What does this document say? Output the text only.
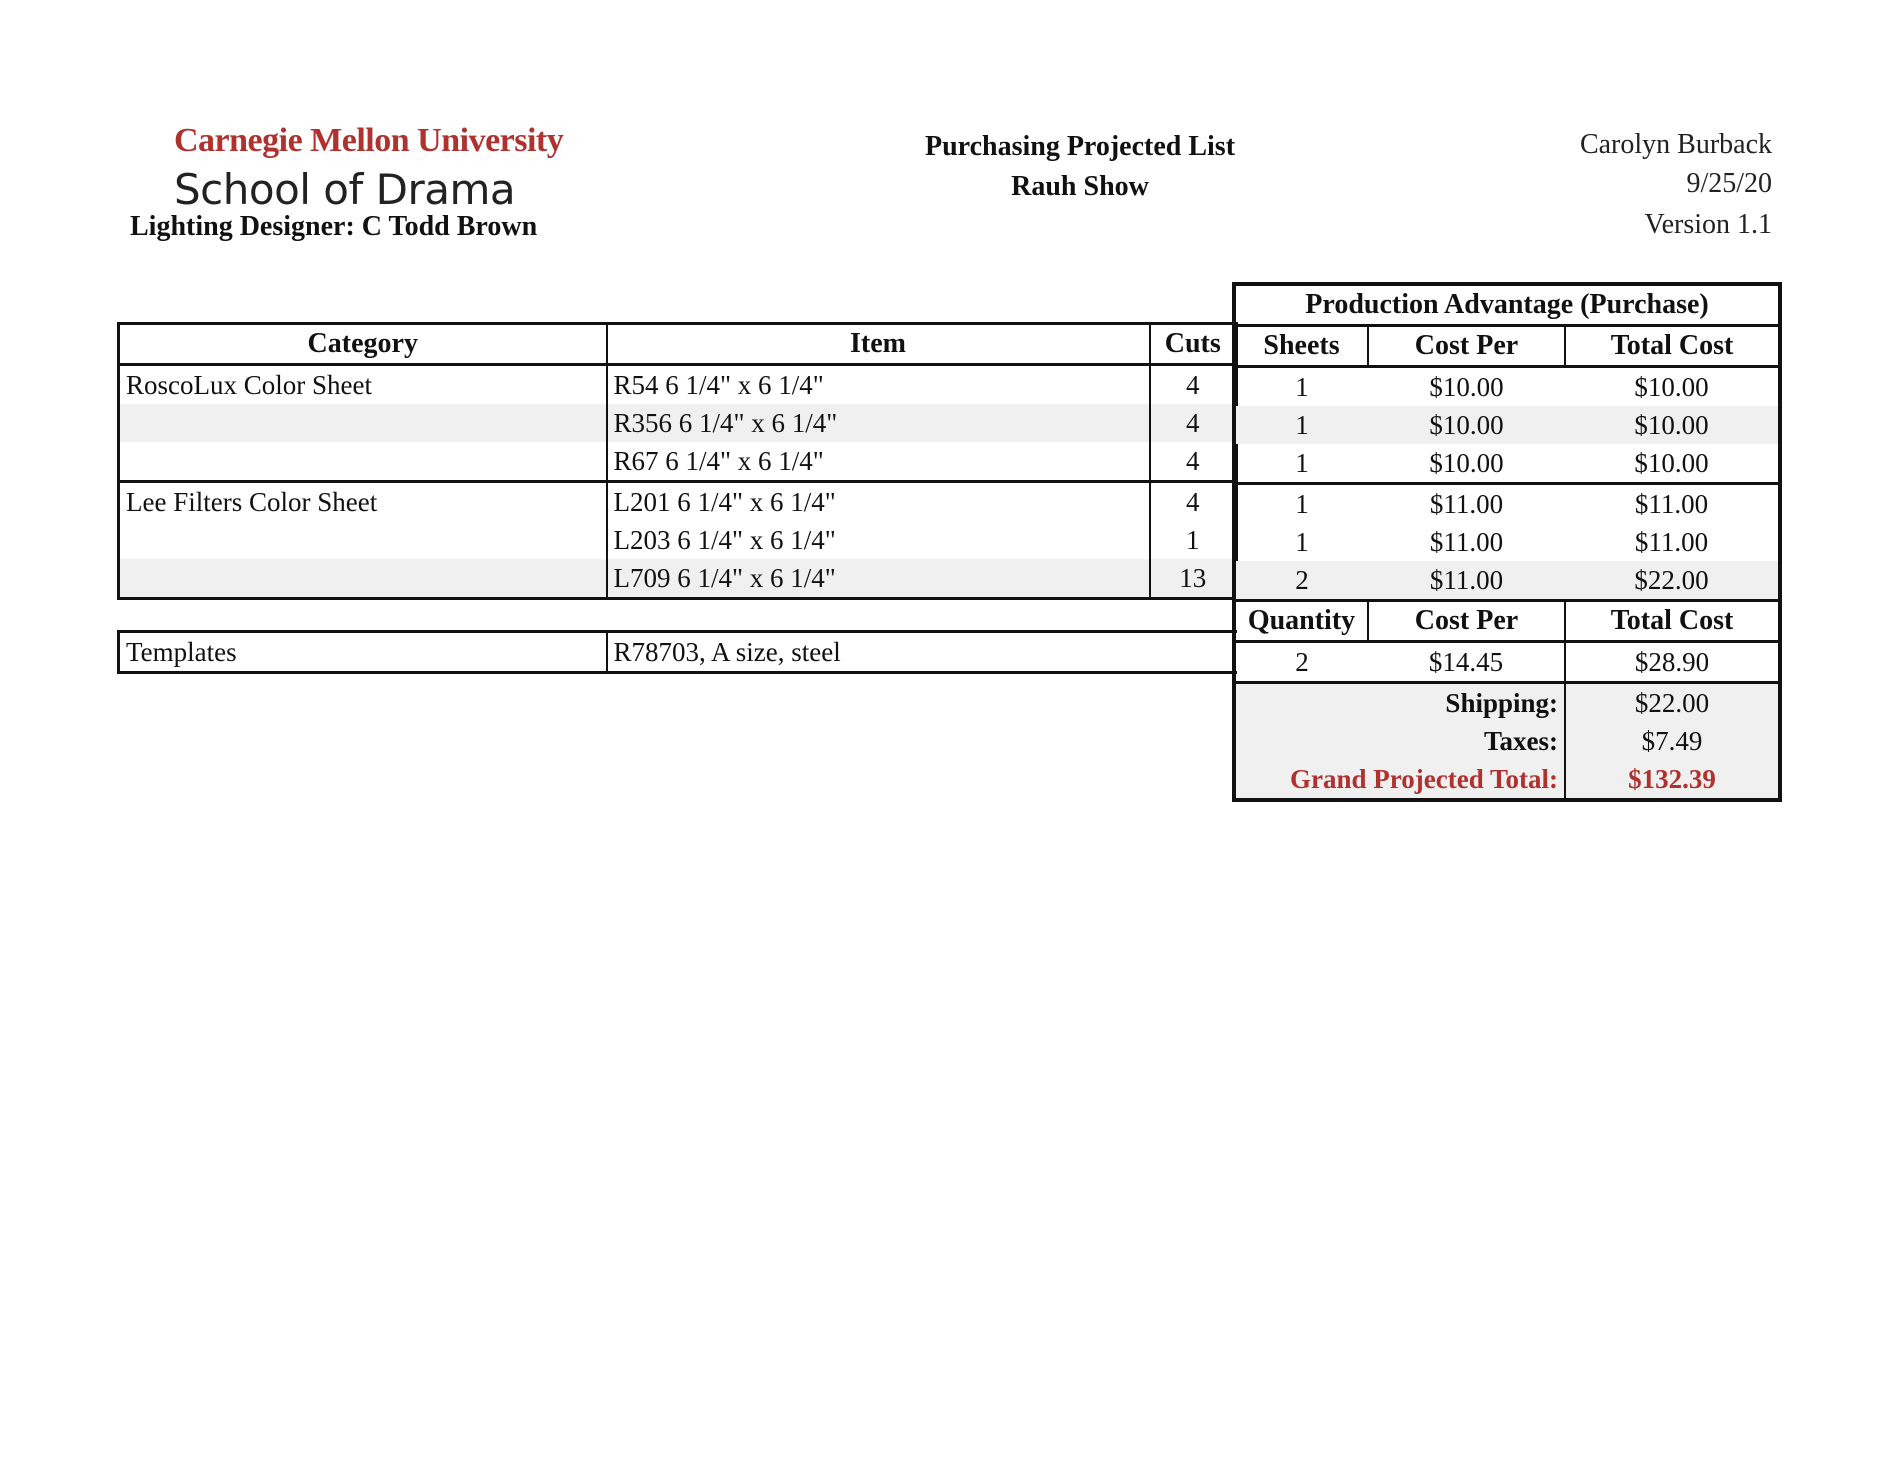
Carnegie Mellon University
School of Drama
Lighting Designer: C Todd Brown
Purchasing Projected List
Rauh Show
Carolyn Burback
9/25/20
Version 1.1
Category	Item	Cuts
RoscoLux Color Sheet	R54 6 1/4" x 6 1/4"	4
	R356 6 1/4" x 6 1/4"	4
	R67 6 1/4" x 6 1/4"	4
Lee Filters Color Sheet	L201 6 1/4" x 6 1/4"	4
	L203 6 1/4" x 6 1/4"	1
	L709 6 1/4" x 6 1/4"	13
Production Advantage (Purchase)		
Sheets	Cost Per	Total Cost
1	$10.00	$10.00
1	$10.00	$10.00
1	$10.00	$10.00
1	$11.00	$11.00
1	$11.00	$11.00
2	$11.00	$22.00
Quantity	Cost Per	Total Cost
2	$14.45	$28.90
Shipping:		$22.00
Taxes:		$7.49
Grand Projected Total:		$132.39
Templates	R78703, A size, steel
